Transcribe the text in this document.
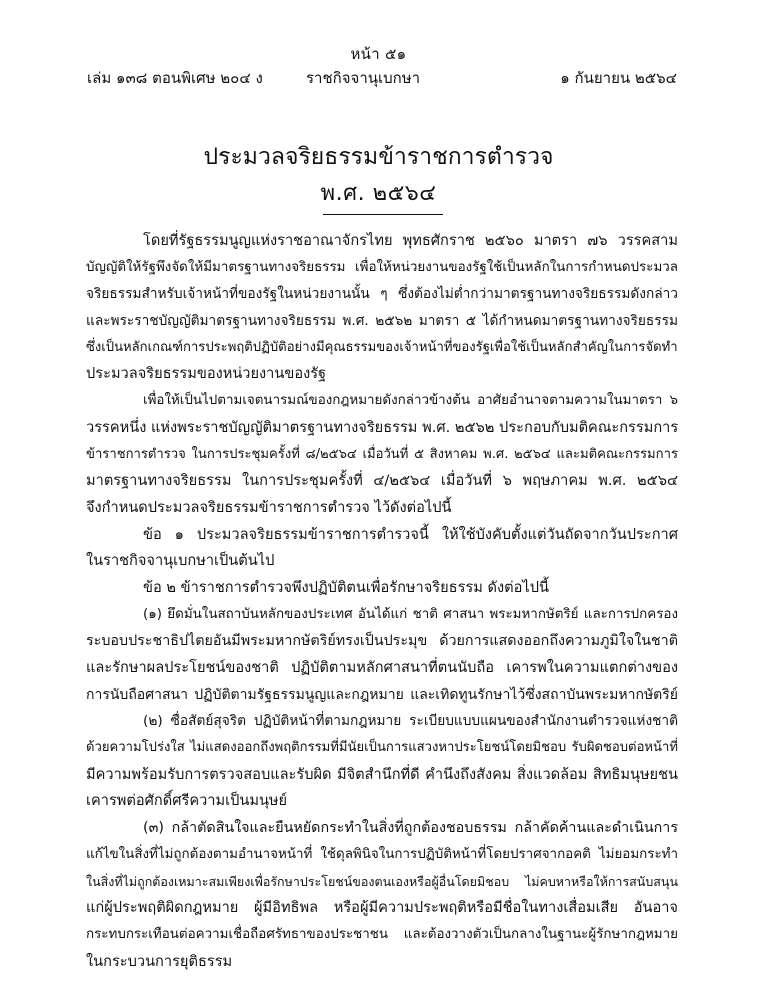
หน้า ๕๑
เล่ม ๑๓๘ ตอนพิเศษ ๒๐๔ ง	ราชกิจจานุเบกษา	๑ กันยายน ๒๕๖๔
ประมวลจริยธรรมข้าราชการตำรวจ
พ.ศ. ๒๕๖๔
โดยที่รัฐธรรมนูญแห่งราชอาณาจักรไทย พุทธศักราช ๒๕๖๐ มาตรา ๗๖ วรรคสาม
บัญญัติให้รัฐพึงจัดให้มีมาตรฐานทางจริยธรรม เพื่อให้หน่วยงานของรัฐใช้เป็นหลักในการกำหนดประมวล
จริยธรรมสำหรับเจ้าหน้าที่ของรัฐในหน่วยงานนั้น ๆ ซึ่งต้องไม่ต่ำกว่ามาตรฐานทางจริยธรรมดังกล่าว
และพระราชบัญญัติมาตรฐานทางจริยธรรม พ.ศ. ๒๕๖๒ มาตรา ๕ ได้กำหนดมาตรฐานทางจริยธรรม
ซึ่งเป็นหลักเกณฑ์การประพฤติปฏิบัติอย่างมีคุณธรรมของเจ้าหน้าที่ของรัฐเพื่อใช้เป็นหลักสำคัญในการจัดทำ
ประมวลจริยธรรมของหน่วยงานของรัฐ
เพื่อให้เป็นไปตามเจตนารมณ์ของกฎหมายดังกล่าวข้างต้น อาศัยอำนาจตามความในมาตรา ๖
วรรคหนึ่ง แห่งพระราชบัญญัติมาตรฐานทางจริยธรรม พ.ศ. ๒๕๖๒ ประกอบกับมติคณะกรรมการ
ข้าราชการตำรวจ ในการประชุมครั้งที่ ๘/๒๕๖๔ เมื่อวันที่ ๕ สิงหาคม พ.ศ. ๒๕๖๔ และมติคณะกรรมการ
มาตรฐานทางจริยธรรม ในการประชุมครั้งที่ ๔/๒๕๖๔ เมื่อวันที่ ๖ พฤษภาคม พ.ศ. ๒๕๖๔
จึงกำหนดประมวลจริยธรรมข้าราชการตำรวจ ไว้ดังต่อไปนี้
ข้อ ๑ ประมวลจริยธรรมข้าราชการตำรวจนี้ ให้ใช้บังคับตั้งแต่วันถัดจากวันประกาศ
ในราชกิจจานุเบกษาเป็นต้นไป
ข้อ ๒ ข้าราชการตำรวจพึงปฏิบัติตนเพื่อรักษาจริยธรรม ดังต่อไปนี้
(๑) ยึดมั่นในสถาบันหลักของประเทศ อันได้แก่ ชาติ ศาสนา พระมหากษัตริย์ และการปกครอง
ระบอบประชาธิปไตยอันมีพระมหากษัตริย์ทรงเป็นประมุข ด้วยการแสดงออกถึงความภูมิใจในชาติ
และรักษาผลประโยชน์ของชาติ ปฏิบัติตามหลักศาสนาที่ตนนับถือ เคารพในความแตกต่างของ
การนับถือศาสนา ปฏิบัติตามรัฐธรรมนูญและกฎหมาย และเทิดทูนรักษาไว้ซึ่งสถาบันพระมหากษัตริย์
(๒) ซื่อสัตย์สุจริต ปฏิบัติหน้าที่ตามกฎหมาย ระเบียบแบบแผนของสำนักงานตำรวจแห่งชาติ
ด้วยความโปร่งใส ไม่แสดงออกถึงพฤติกรรมที่มีนัยเป็นการแสวงหาประโยชน์โดยมิชอบ รับผิดชอบต่อหน้าที่
มีความพร้อมรับการตรวจสอบและรับผิด มีจิตสำนึกที่ดี คำนึงถึงสังคม สิ่งแวดล้อม สิทธิมนุษยชน
เคารพต่อศักดิ์ศรีความเป็นมนุษย์
(๓) กล้าตัดสินใจและยืนหยัดกระทำในสิ่งที่ถูกต้องชอบธรรม กล้าคัดค้านและดำเนินการ
แก้ไขในสิ่งที่ไม่ถูกต้องตามอำนาจหน้าที่ ใช้ดุลพินิจในการปฏิบัติหน้าที่โดยปราศจากอคติ ไม่ยอมกระทำ
ในสิ่งที่ไม่ถูกต้องเหมาะสมเพียงเพื่อรักษาประโยชน์ของตนเองหรือผู้อื่นโดยมิชอบ ไม่คบหาหรือให้การสนับสนุน
แก่ผู้ประพฤติผิดกฎหมาย ผู้มีอิทธิพล หรือผู้มีความประพฤติหรือมีชื่อในทางเสื่อมเสีย อันอาจ
กระทบกระเทือนต่อความเชื่อถือศรัทธาของประชาชน และต้องวางตัวเป็นกลางในฐานะผู้รักษากฎหมาย
ในกระบวนการยุติธรรม
